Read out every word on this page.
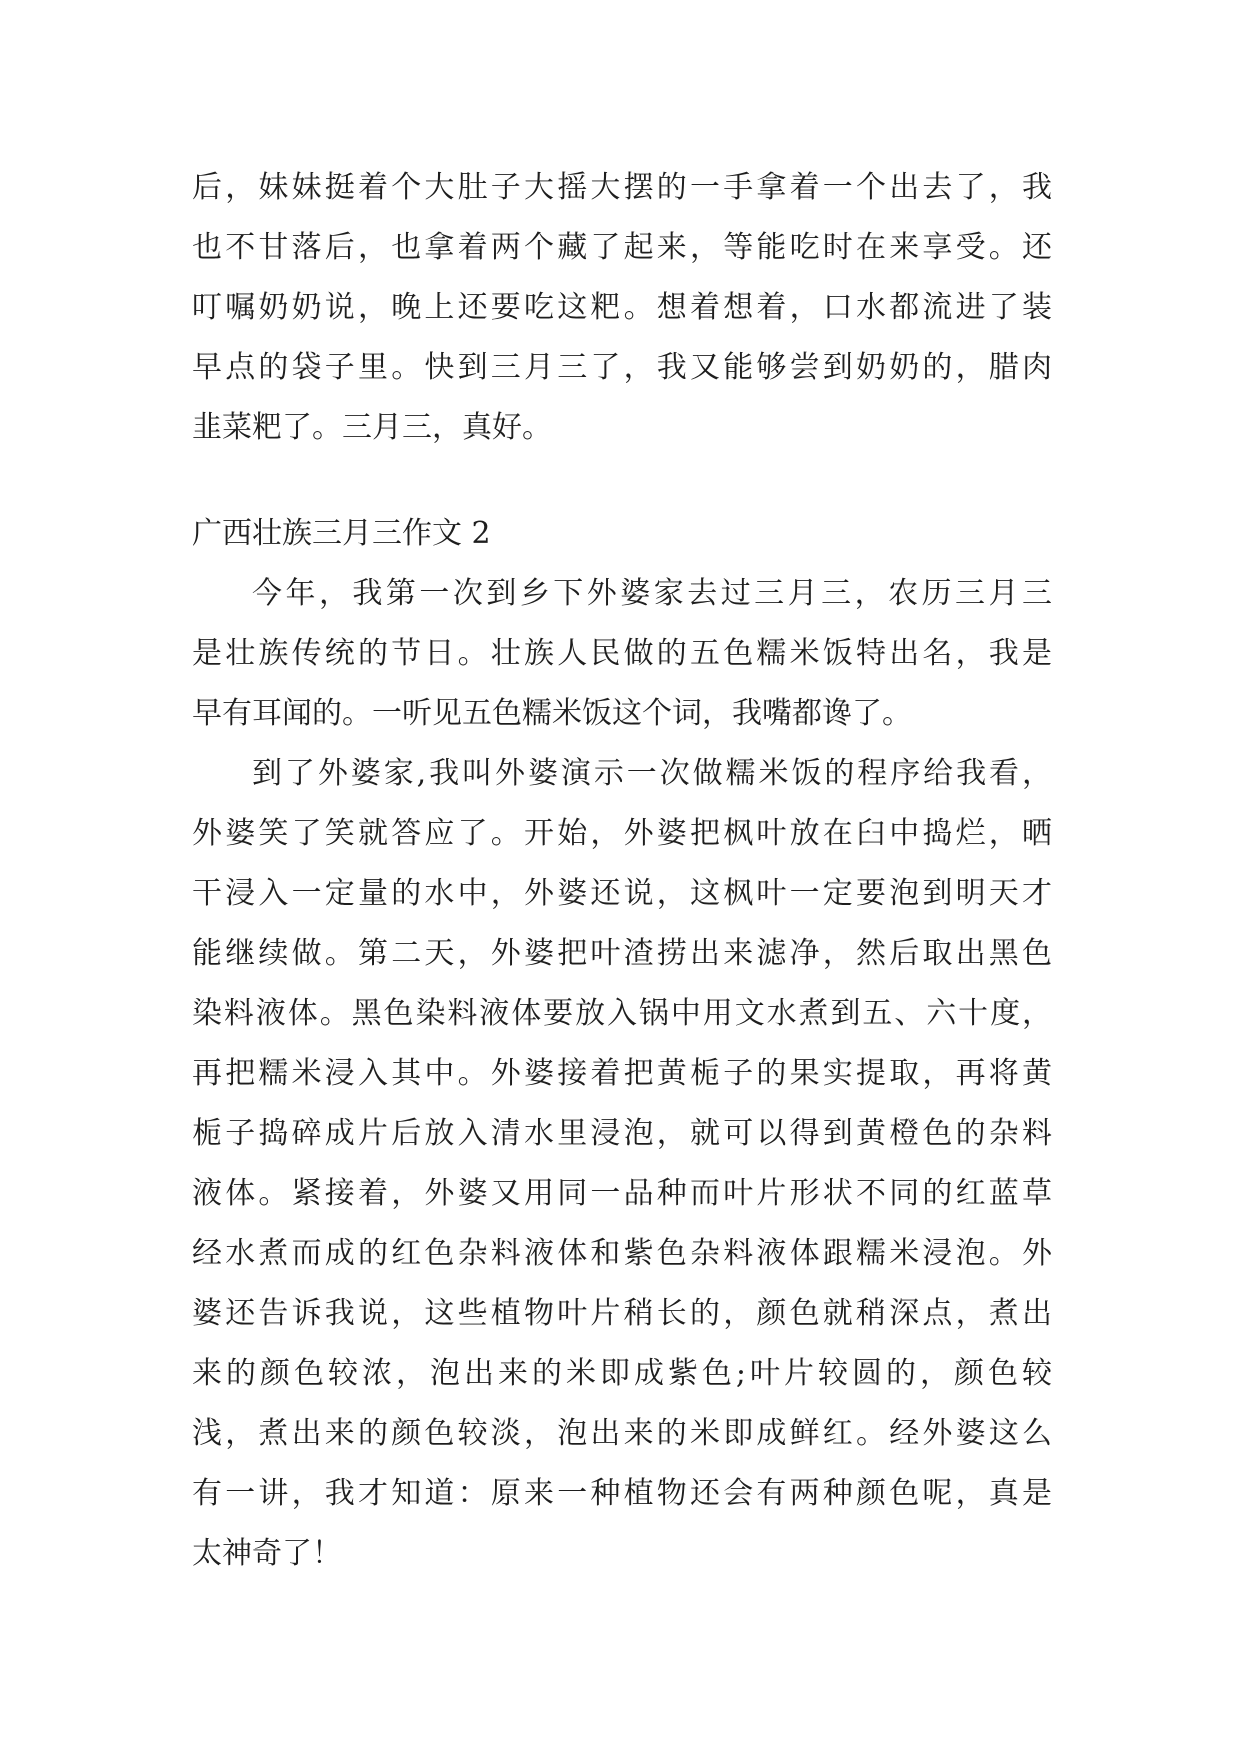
后，妹妹挺着个大肚子大摇大摆的一手拿着一个出去了，我
也不甘落后，也拿着两个藏了起来，等能吃时在来享受。还
叮嘱奶奶说，晚上还要吃这粑。想着想着，口水都流进了装
早点的袋子里。快到三月三了，我又能够尝到奶奶的，腊肉
韭菜粑了。三月三，真好。
广西壮族三月三作文 2
今年，我第一次到乡下外婆家去过三月三，农历三月三
是壮族传统的节日。壮族人民做的五色糯米饭特出名，我是
早有耳闻的。一听见五色糯米饭这个词，我嘴都谗了。
到了外婆家,我叫外婆演示一次做糯米饭的程序给我看，
外婆笑了笑就答应了。开始，外婆把枫叶放在臼中捣烂，晒
干浸入一定量的水中，外婆还说，这枫叶一定要泡到明天才
能继续做。第二天，外婆把叶渣捞出来滤净，然后取出黑色
染料液体。黑色染料液体要放入锅中用文水煮到五、六十度，
再把糯米浸入其中。外婆接着把黄栀子的果实提取，再将黄
栀子捣碎成片后放入清水里浸泡，就可以得到黄橙色的杂料
液体。紧接着，外婆又用同一品种而叶片形状不同的红蓝草
经水煮而成的红色杂料液体和紫色杂料液体跟糯米浸泡。外
婆还告诉我说，这些植物叶片稍长的，颜色就稍深点，煮出
来的颜色较浓，泡出来的米即成紫色;叶片较圆的，颜色较
浅，煮出来的颜色较淡，泡出来的米即成鲜红。经外婆这么
有一讲，我才知道：原来一种植物还会有两种颜色呢，真是
太神奇了！
